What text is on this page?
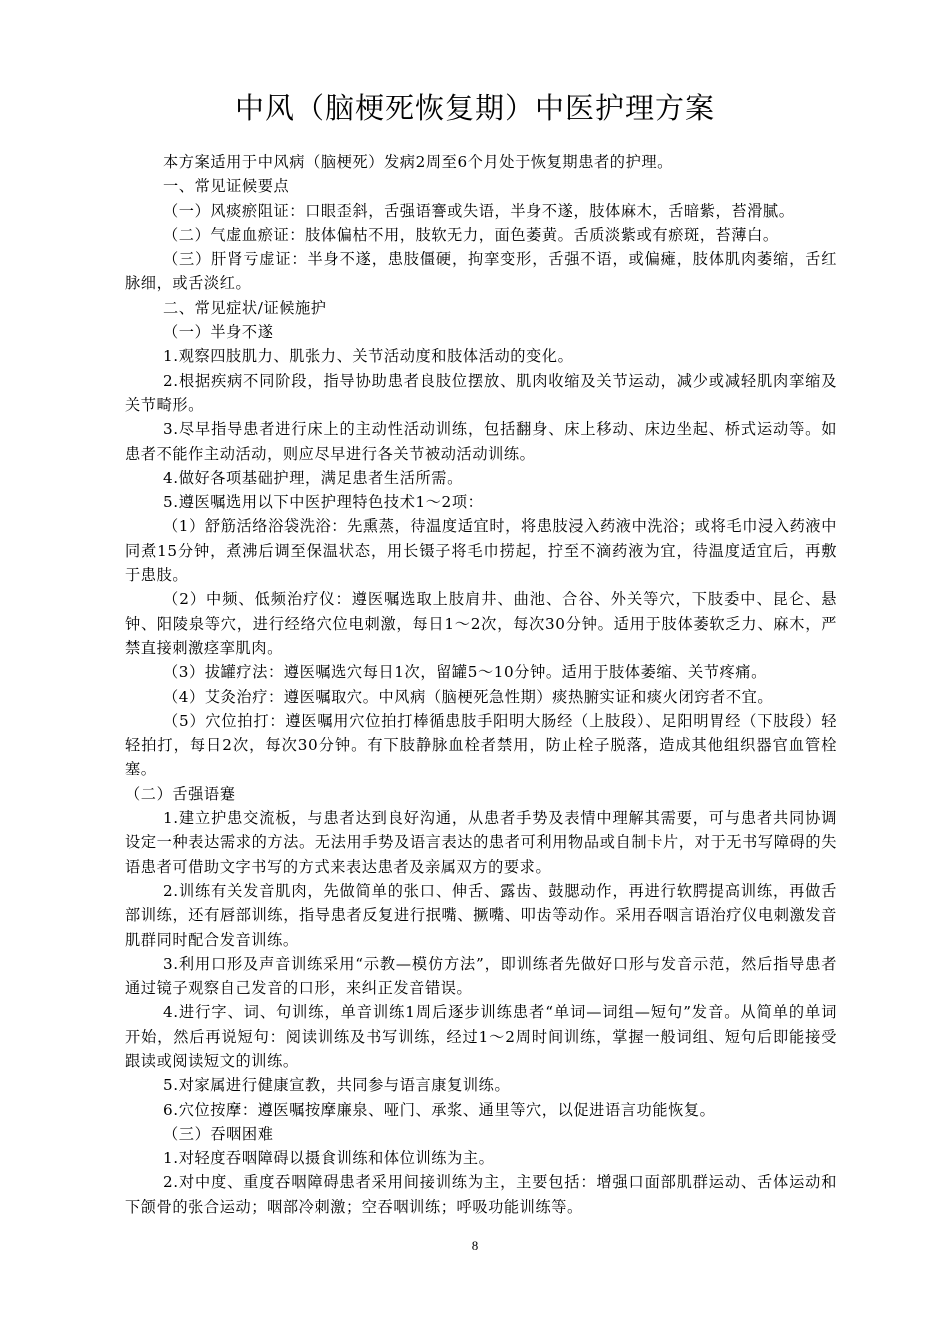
中风（脑梗死恢复期）中医护理方案

本方案适用于中风病（脑梗死）发病2周至6个月处于恢复期患者的护理。

一、常见证候要点

（一）风痰瘀阻证：口眼歪斜，舌强语謇或失语，半身不遂，肢体麻木，舌暗紫，苔滑腻。

（二）气虚血瘀证：肢体偏枯不用，肢软无力，面色萎黄。舌质淡紫或有瘀斑，苔薄白。

（三）肝肾亏虚证：半身不遂，患肢僵硬，拘挛变形，舌强不语，或偏瘫，肢体肌肉萎缩，舌红脉细，或舌淡红。

二、常见症状/证候施护

（一）半身不遂

1.观察四肢肌力、肌张力、关节活动度和肢体活动的变化。

2.根据疾病不同阶段，指导协助患者良肢位摆放、肌肉收缩及关节运动，减少或减轻肌肉挛缩及关节畸形。

3.尽早指导患者进行床上的主动性活动训练，包括翻身、床上移动、床边坐起、桥式运动等。如患者不能作主动活动，则应尽早进行各关节被动活动训练。

4.做好各项基础护理，满足患者生活所需。

5.遵医嘱选用以下中医护理特色技术1～2项：

（1）舒筋活络浴袋洗浴：先熏蒸，待温度适宜时，将患肢浸入药液中洗浴；或将毛巾浸入药液中同煮15分钟，煮沸后调至保温状态，用长镊子将毛巾捞起，拧至不滴药液为宜，待温度适宜后，再敷于患肢。

（2）中频、低频治疗仪：遵医嘱选取上肢肩井、曲池、合谷、外关等穴，下肢委中、昆仑、悬钟、阳陵泉等穴，进行经络穴位电刺激，每日1～2次，每次30分钟。适用于肢体萎软乏力、麻木，严禁直接刺激痉挛肌肉。

（3）拔罐疗法：遵医嘱选穴每日1次，留罐5～10分钟。适用于肢体萎缩、关节疼痛。

（4）艾灸治疗：遵医嘱取穴。中风病（脑梗死急性期）痰热腑实证和痰火闭窍者不宜。

（5）穴位拍打：遵医嘱用穴位拍打棒循患肢手阳明大肠经（上肢段）、足阳明胃经（下肢段）轻轻拍打，每日2次，每次30分钟。有下肢静脉血栓者禁用，防止栓子脱落，造成其他组织器官血管栓塞。

（二）舌强语蹇

1.建立护患交流板，与患者达到良好沟通，从患者手势及表情中理解其需要，可与患者共同协调设定一种表达需求的方法。无法用手势及语言表达的患者可利用物品或自制卡片，对于无书写障碍的失语患者可借助文字书写的方式来表达患者及亲属双方的要求。

2.训练有关发音肌肉，先做简单的张口、伸舌、露齿、鼓腮动作，再进行软腭提高训练，再做舌部训练，还有唇部训练，指导患者反复进行抿嘴、撅嘴、叩齿等动作。采用吞咽言语治疗仪电刺激发音肌群同时配合发音训练。

3.利用口形及声音训练采用“示教—模仿方法”，即训练者先做好口形与发音示范，然后指导患者通过镜子观察自己发音的口形，来纠正发音错误。

4.进行字、词、句训练，单音训练1周后逐步训练患者“单词—词组—短句”发音。从简单的单词开始，然后再说短句：阅读训练及书写训练，经过1～2周时间训练，掌握一般词组、短句后即能接受跟读或阅读短文的训练。

5.对家属进行健康宣教，共同参与语言康复训练。

6.穴位按摩：遵医嘱按摩廉泉、哑门、承浆、通里等穴，以促进语言功能恢复。

（三）吞咽困难

1.对轻度吞咽障碍以摄食训练和体位训练为主。

2.对中度、重度吞咽障碍患者采用间接训练为主，主要包括：增强口面部肌群运动、舌体运动和下颌骨的张合运动；咽部冷刺激；空吞咽训练；呼吸功能训练等。

8
